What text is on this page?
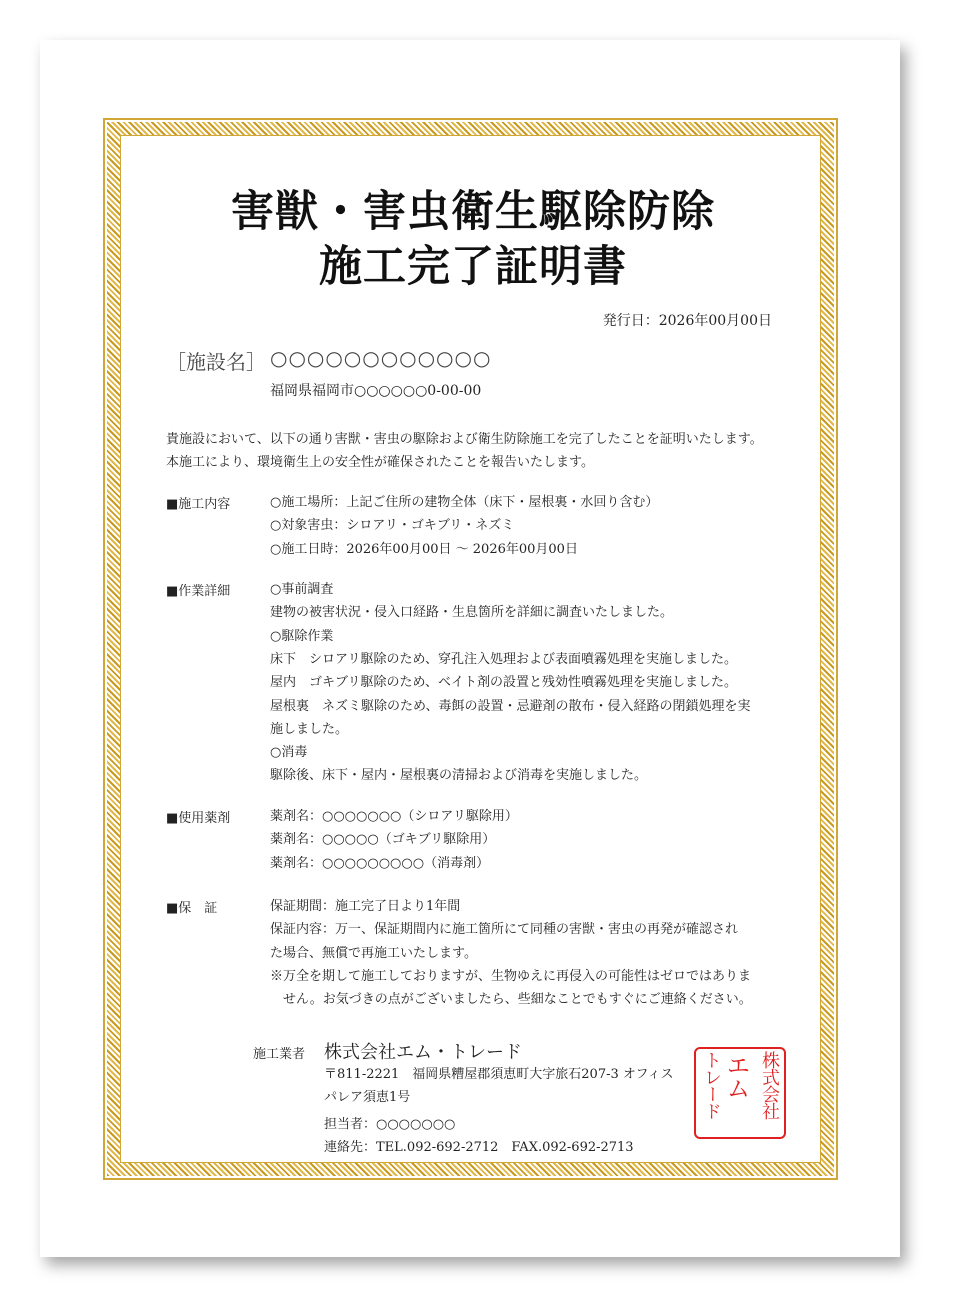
害獣・害虫衛生駆除防除
施工完了証明書
発行日：2026年00月00日
［施設名］ ○○○○○○○○○○○○
福岡県福岡市○○○○○○0-00-00
貴施設において、以下の通り害獣・害虫の駆除および衛生防除施工を完了したことを証明いたします。
本施工により、環境衛生上の安全性が確保されたことを報告いたします。
■施工内容	○施工場所：上記ご住所の建物全体（床下・屋根裏・水回り含む）
○対象害虫：シロアリ・ゴキブリ・ネズミ
○施工日時：2026年00月00日 ～ 2026年00月00日
■作業詳細	○事前調査
建物の被害状況・侵入口経路・生息箇所を詳細に調査いたしました。
○駆除作業
床下　シロアリ駆除のため、穿孔注入処理および表面噴霧処理を実施しました。
屋内　ゴキブリ駆除のため、ベイト剤の設置と残効性噴霧処理を実施しました。
屋根裏　ネズミ駆除のため、毒餌の設置・忌避剤の散布・侵入経路の閉鎖処理を実
施しました。
○消毒
駆除後、床下・屋内・屋根裏の清掃および消毒を実施しました。
■使用薬剤	薬剤名：○○○○○○○（シロアリ駆除用）
薬剤名：○○○○○（ゴキブリ駆除用）
薬剤名：○○○○○○○○○（消毒剤）
■保　証	保証期間：施工完了日より1年間
保証内容：万一、保証期間内に施工箇所にて同種の害獣・害虫の再発が確認され
た場合、無償で再施工いたします。
※万全を期して施工しておりますが、生物ゆえに再侵入の可能性はゼロではありま
　せん。お気づきの点がございましたら、些細なことでもすぐにご連絡ください。
施工業者 株式会社エム・トレード
〒811-2221　福岡県糟屋郡須恵町大字旅石207-3 オフィスパレア須恵1号
担当者：○○○○○○○
連絡先：TEL.092-692-2712　FAX.092-692-2713
株式会社
エム
トレード
